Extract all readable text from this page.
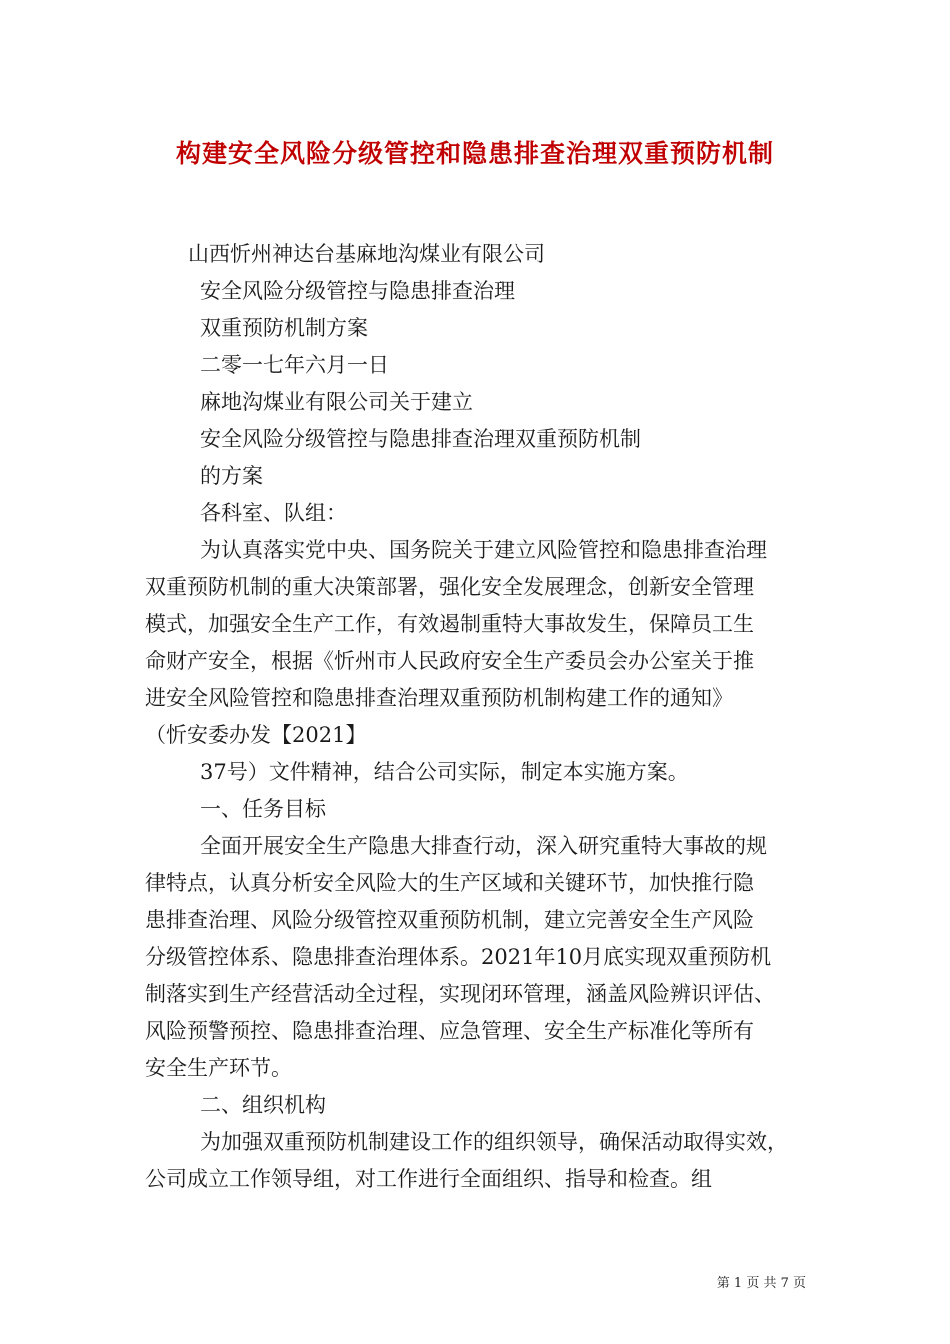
构建安全风险分级管控和隐患排查治理双重预防机制

山西忻州神达台基麻地沟煤业有限公司

安全风险分级管控与隐患排查治理

双重预防机制方案

二零一七年六月一日

麻地沟煤业有限公司关于建立

安全风险分级管控与隐患排查治理双重预防机制

的方案

各科室、队组：

为认真落实党中央、国务院关于建立风险管控和隐患排查治理

双重预防机制的重大决策部署，强化安全发展理念，创新安全管理

模式，加强安全生产工作，有效遏制重特大事故发生，保障员工生

命财产安全，根据《忻州市人民政府安全生产委员会办公室关于推

进安全风险管控和隐患排查治理双重预防机制构建工作的通知》

（忻安委办发【2021】

37号）文件精神，结合公司实际，制定本实施方案。

一、任务目标

全面开展安全生产隐患大排查行动，深入研究重特大事故的规

律特点，认真分析安全风险大的生产区域和关键环节，加快推行隐

患排查治理、风险分级管控双重预防机制，建立完善安全生产风险

分级管控体系、隐患排查治理体系。2021年10月底实现双重预防机

制落实到生产经营活动全过程，实现闭环管理，涵盖风险辨识评估、

风险预警预控、隐患排查治理、应急管理、安全生产标准化等所有

安全生产环节。

二、组织机构

为加强双重预防机制建设工作的组织领导，确保活动取得实效，

公司成立工作领导组，对工作进行全面组织、指导和检查。组

第 1 页 共 7 页
